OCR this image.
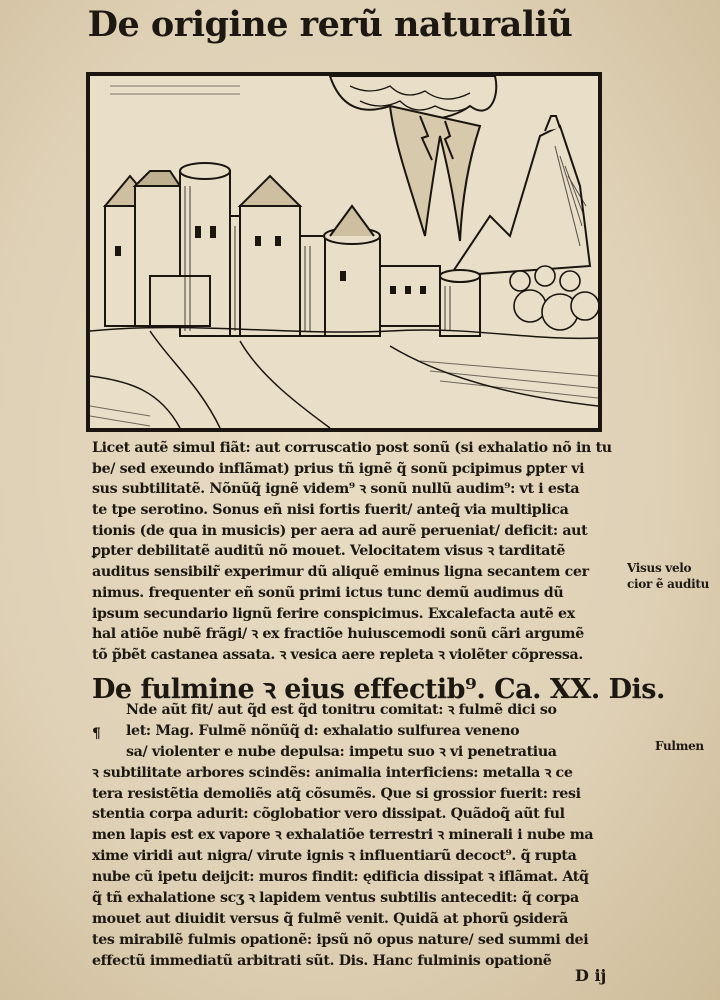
De origine rerũ naturaliũ
Licet autẽ simul fiãt: aut corruscatio post sonũ (si exhalatio nõ in tu
be/ sed exeundo inflãmat) prius tñ ignẽ q̃ sonũ pcipimus ꝑpter vi
sus subtilitatẽ. Nõnũq̃ ignẽ videm⁹ ꝛ sonũ nullũ audim⁹: vt i esta
te tpe serotino. Sonus eñ nisi fortis fuerit/ anteq̃ via multiplica
tionis (de qua in musicis) per aera ad aurẽ perueniat/ deficit: aut
ꝑpter debilitatẽ auditũ nõ mouet. Velocitatem visus ꝛ tarditatẽ
auditus sensibilr̃ experimur dũ aliquẽ eminus ligna secantem cer
nimus. frequenter eñ sonũ primi ictus tunc demũ audimus dũ
ipsum secundario lignũ ferire conspicimus. Excalefacta autẽ ex
hal atiõe nubẽ frãgi/ ꝛ ex fractiõe huiuscemodi sonũ cãri argumẽ
tõ p̃bẽt castanea assata. ꝛ vesica aere repleta ꝛ violẽter cõpressa.
Visus velo
cior ẽ auditu
De fulmine ꝛ eius effectib⁹. Ca. XX. Dis.
¶
Nde aũt fit/ aut q̃d est q̃d tonitru comitat: ꝛ fulmẽ dici so
let: Mag. Fulmẽ nõnũq̃ d: exhalatio sulfurea veneno
sa/ violenter e nube depulsa: impetu suo ꝛ vi penetratiua
ꝛ subtilitate arbores scindẽs: animalia interficiens: metalla ꝛ ce
tera resistẽtia demoliẽs atq̃ cõsumẽs. Que si grossior fuerit: resi
stentia corpa adurit: cõglobatior vero dissipat. Quãdoq̃ aũt ful
men lapis est ex vapore ꝛ exhalatiõe terrestri ꝛ minerali i nube ma
xime viridi aut nigra/ virute ignis ꝛ influentiarũ decoct⁹. q̃ rupta
nube cũ ipetu deijcit: muros findit: ędificia dissipat ꝛ iflãmat. Atq̃
q̃ tñ exhalatione scʒ ꝛ lapidem ventus subtilis antecedit: q̃ corpa
mouet aut diuidit versus q̃ fulmẽ venit. Quidã at phorũ ꝯsiderã
tes mirabilẽ fulmis opationẽ: ipsũ nõ opus nature/ sed summi dei
effectũ immediatũ arbitrati sũt. Dis. Hanc fulminis opationẽ
Fulmen
D ij
